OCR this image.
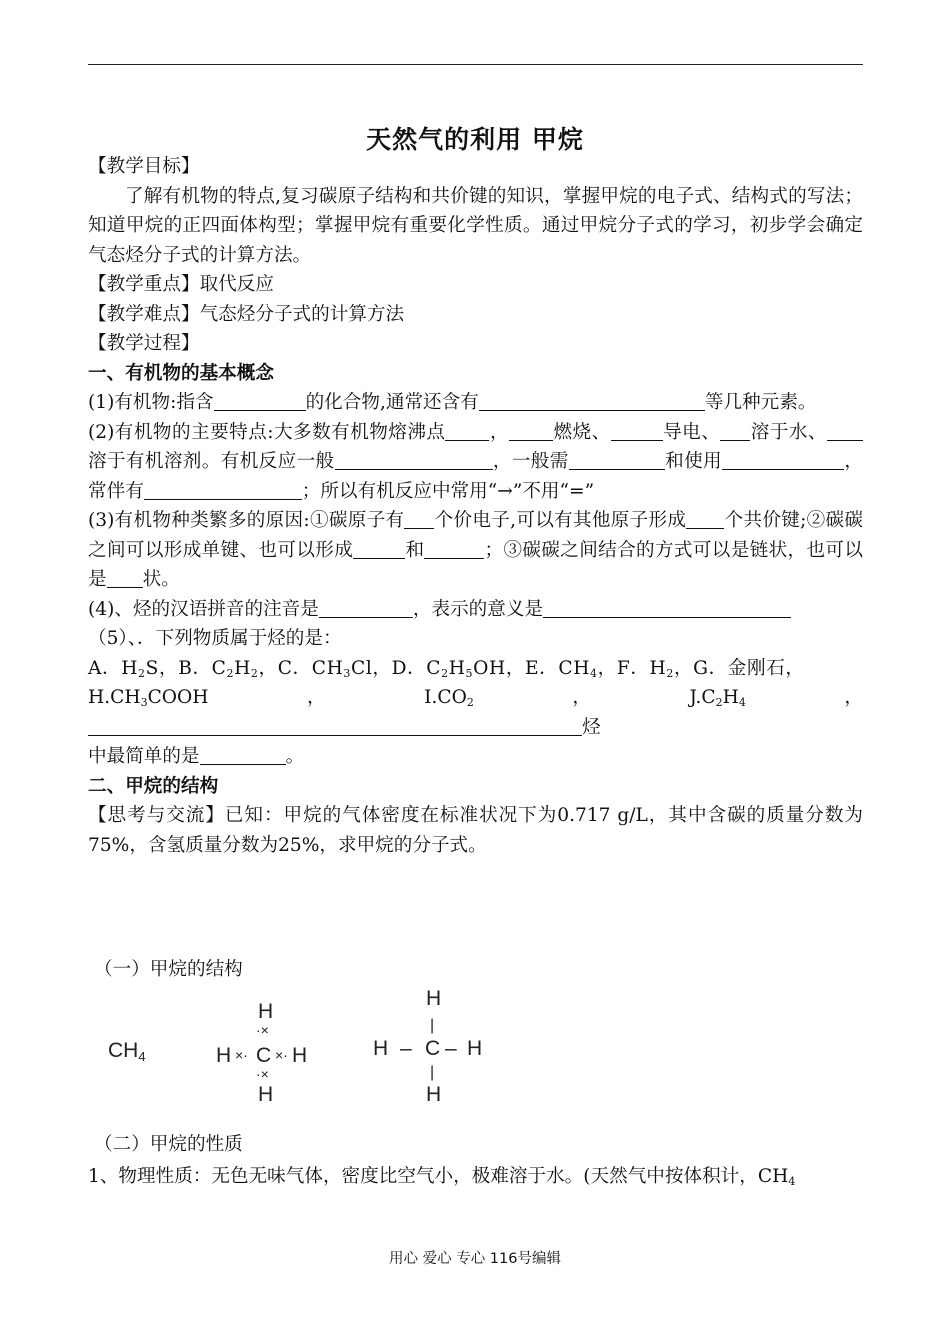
天然气的利用 甲烷

【教学目标】

了解有机物的特点,复习碳原子结构和共价键的知识，掌握甲烷的电子式、结构式的写法；知道甲烷的正四面体构型；掌握甲烷有重要化学性质。通过甲烷分子式的学习，初步学会确定气态烃分子式的计算方法。

【教学重点】取代反应

【教学难点】气态烃分子式的计算方法

【教学过程】

一、有机物的基本概念

(1)有机物:指含	的化合物,通常还含有	等几种元素。

(2)有机物的主要特点:大多数有机物熔沸点 ， 燃烧、	导电、 溶于水、溶于有机溶剂。有机反应一般	，一般需	和使用	，常伴有	；所以有机反应中常用“→”不用“=”

(3)有机物种类繁多的原因:①碳原子有 个价电子,可以有其他原子形成 个共价键;②碳碳之间可以形成单键、也可以形成	和	；③碳碳之间结合的方式可以是链状，也可以是 状。

(4)、烃的汉语拼音的注音是	，表示的意义是

（5）、．下列物质属于烃的是：

A．$H_2S$，B．$C_2H_2$，C．$CH_3Cl$，D．$C_2H_5OH$，E．$CH_4$，F．$H_2$，G．金刚石，

$H.CH_3COOH$，$I.CO_2$，$J.C_2H_4$，烃

中最简单的是	。

二、甲烷的结构

【思考与交流】已知：甲烷的气体密度在标准状况下为0.717 g/L，其中含碳的质量分数为75%，含氢质量分数为25%，求甲烷的分子式。

（一）甲烷的结构
CH4
H
·×
H ×· C ×· H
·×
H
H
|
H – C – H
|
H
（二）甲烷的性质
1、物理性质：无色无味气体，密度比空气小，极难溶于水。(天然气中按体积计，$CH_4$
用心 爱心 专心 116号编辑
